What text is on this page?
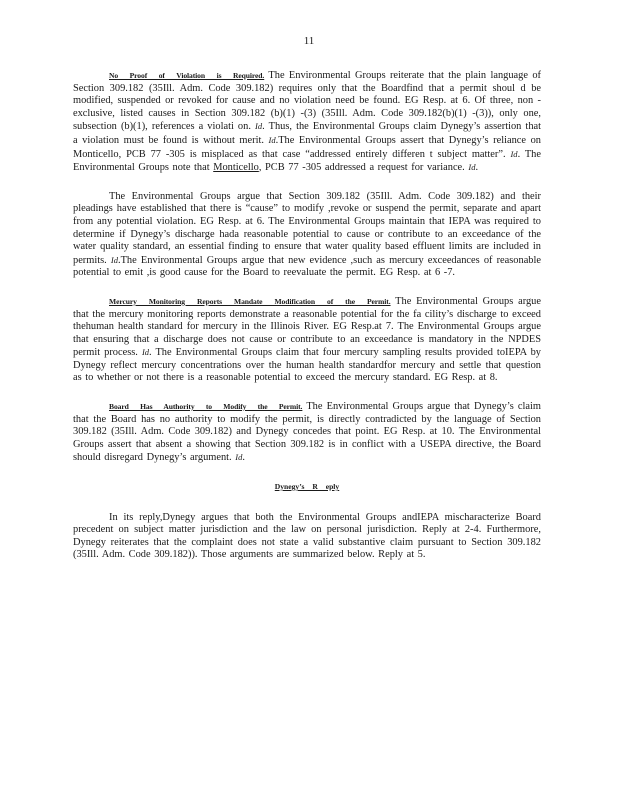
11

No Proof of Violation is Required. The Environmental Groups reiterate that the plain language of Section 309.182 (35Ill. Adm. Code 309.182) requires only that the Boardfind that a permit shoul d be modified, suspended or revoked for cause and no violation need be found. EG Resp. at 6. Of three, non -exclusive, listed causes in Section 309.182 (b)(1) -(3) (35Ill. Adm. Code 309.182(b)(1) -(3)), only one, subsection (b)(1), references a violati on. Id. Thus, the Environmental Groups claim Dynegy’s assertion that a violation must be found is without merit. Id.The Environmental Groups assert that Dynegy’s reliance on Monticello, PCB 77 -305 is misplaced as that case “addressed entirely differen t subject matter”. Id. The Environmental Groups note that Monticello, PCB 77 -305 addressed a request for variance. Id.

The Environmental Groups argue that Section 309.182 (35Ill. Adm. Code 309.182) and their pleadings have established that there is “cause” to modify ,revoke or suspend the permit, separate and apart from any potential violation. EG Resp. at 6. The Environmental Groups maintain that IEPA was required to determine if Dynegy’s discharge hada reasonable potential to cause or contribute to an exceedance of the water quality standard, an essential finding to ensure that water quality based effluent limits are included in permits. Id.The Environmental Groups argue that new evidence ,such as mercury exceedances of reasonable potential to emit ,is good cause for the Board to reevaluate the permit. EG Resp. at 6 -7.

Mercury Monitoring Reports Mandate Modification of the Permit. The Environmental Groups argue that the mercury monitoring reports demonstrate a reasonable potential for the fa cility’s discharge to exceed thehuman health standard for mercury in the Illinois River. EG Resp.at 7. The Environmental Groups argue that ensuring that a discharge does not cause or contribute to an exceedance is mandatory in the NPDES permit process. Id. The Environmental Groups claim that four mercury sampling results provided toIEPA by Dynegy reflect mercury concentrations over the human health standardfor mercury and settle that question as to whether or not there is a reasonable potential to exceed the mercury standard. EG Resp. at 8.

Board Has Authority to Modify the Permit. The Environmental Groups argue that Dynegy’s claim that the Board has no authority to modify the permit, is directly contradicted by the language of Section 309.182 (35Ill. Adm. Code 309.182) and Dynegy concedes that point. EG Resp. at 10. The Environmental Groups assert that absent a showing that Section 309.182 is in conflict with a USEPA directive, the Board should disregard Dynegy’s argument. Id.

Dynegy’s R eply

In its reply,Dynegy argues that both the Environmental Groups andIEPA mischaracterize Board precedent on subject matter jurisdiction and the law on personal jurisdiction. Reply at 2-4. Furthermore, Dynegy reiterates that the complaint does not state a valid substantive claim pursuant to Section 309.182 (35Ill. Adm. Code 309.182)). Those arguments are summarized below. Reply at 5.
